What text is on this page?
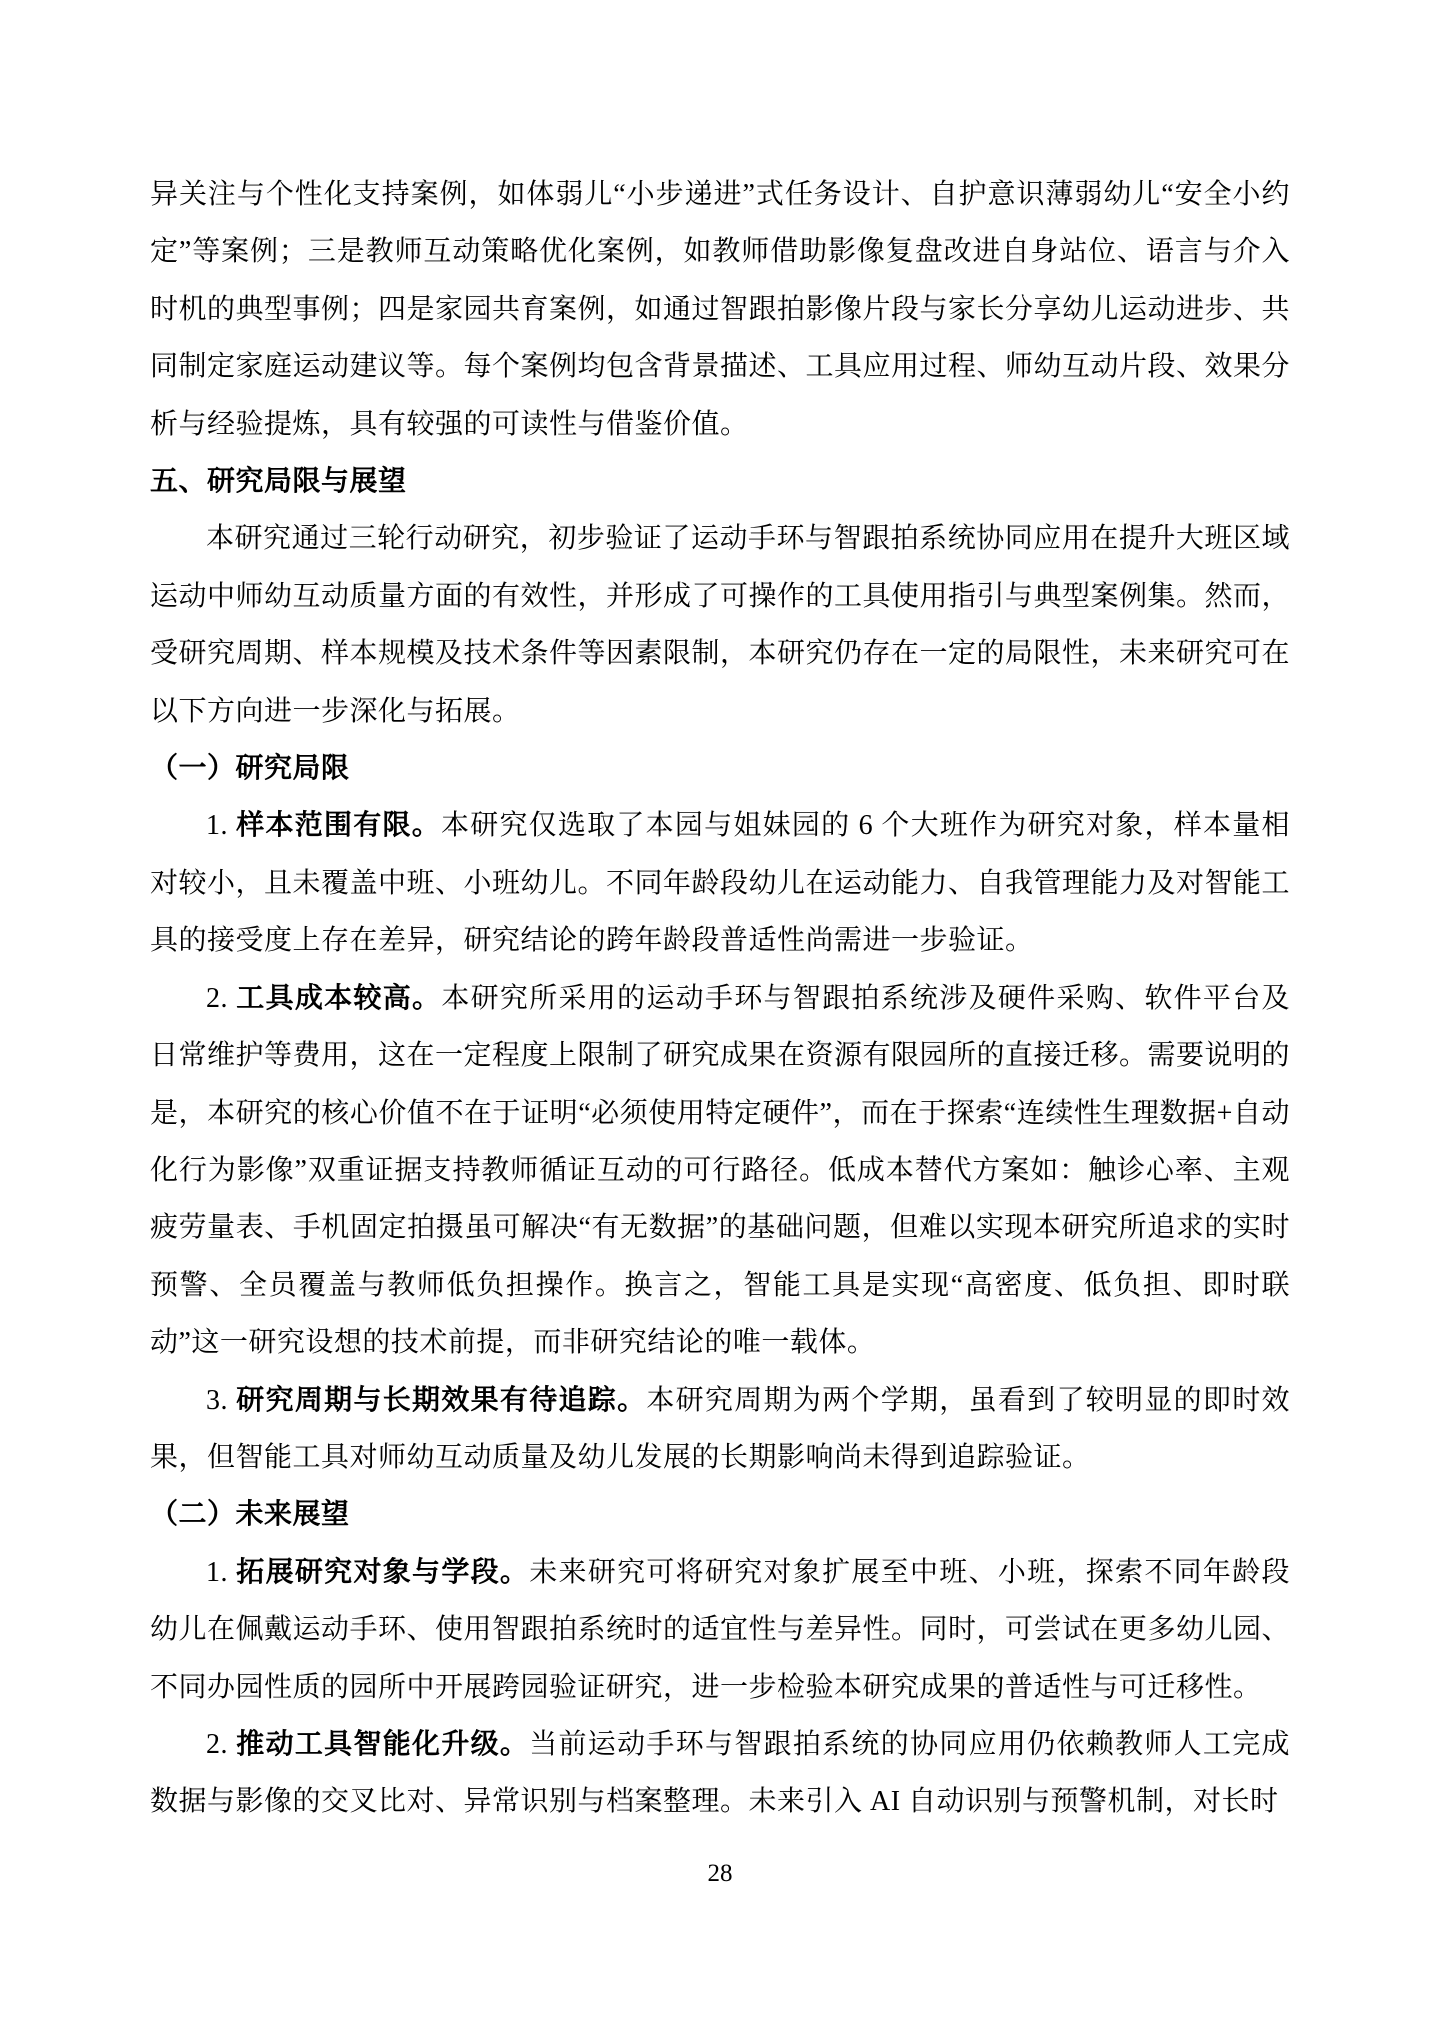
异关注与个性化支持案例，如体弱儿“小步递进”式任务设计、自护意识薄弱幼儿“安全小约定”等案例；三是教师互动策略优化案例，如教师借助影像复盘改进自身站位、语言与介入时机的典型事例；四是家园共育案例，如通过智跟拍影像片段与家长分享幼儿运动进步、共同制定家庭运动建议等。每个案例均包含背景描述、工具应用过程、师幼互动片段、效果分析与经验提炼，具有较强的可读性与借鉴价值。

五、研究局限与展望

本研究通过三轮行动研究，初步验证了运动手环与智跟拍系统协同应用在提升大班区域运动中师幼互动质量方面的有效性，并形成了可操作的工具使用指引与典型案例集。然而，受研究周期、样本规模及技术条件等因素限制，本研究仍存在一定的局限性，未来研究可在以下方向进一步深化与拓展。

（一）研究局限

1. 样本范围有限。本研究仅选取了本园与姐妹园的 6 个大班作为研究对象，样本量相对较小，且未覆盖中班、小班幼儿。不同年龄段幼儿在运动能力、自我管理能力及对智能工具的接受度上存在差异，研究结论的跨年龄段普适性尚需进一步验证。

2. 工具成本较高。本研究所采用的运动手环与智跟拍系统涉及硬件采购、软件平台及日常维护等费用，这在一定程度上限制了研究成果在资源有限园所的直接迁移。需要说明的是，本研究的核心价值不在于证明“必须使用特定硬件”，而在于探索“连续性生理数据+自动化行为影像”双重证据支持教师循证互动的可行路径。低成本替代方案如：触诊心率、主观疲劳量表、手机固定拍摄虽可解决“有无数据”的基础问题，但难以实现本研究所追求的实时预警、全员覆盖与教师低负担操作。换言之，智能工具是实现“高密度、低负担、即时联动”这一研究设想的技术前提，而非研究结论的唯一载体。

3. 研究周期与长期效果有待追踪。本研究周期为两个学期，虽看到了较明显的即时效果，但智能工具对师幼互动质量及幼儿发展的长期影响尚未得到追踪验证。

（二）未来展望

1. 拓展研究对象与学段。未来研究可将研究对象扩展至中班、小班，探索不同年龄段幼儿在佩戴运动手环、使用智跟拍系统时的适宜性与差异性。同时，可尝试在更多幼儿园、不同办园性质的园所中开展跨园验证研究，进一步检验本研究成果的普适性与可迁移性。

2. 推动工具智能化升级。当前运动手环与智跟拍系统的协同应用仍依赖教师人工完成数据与影像的交叉比对、异常识别与档案整理。未来引入 AI 自动识别与预警机制，对长时

28
